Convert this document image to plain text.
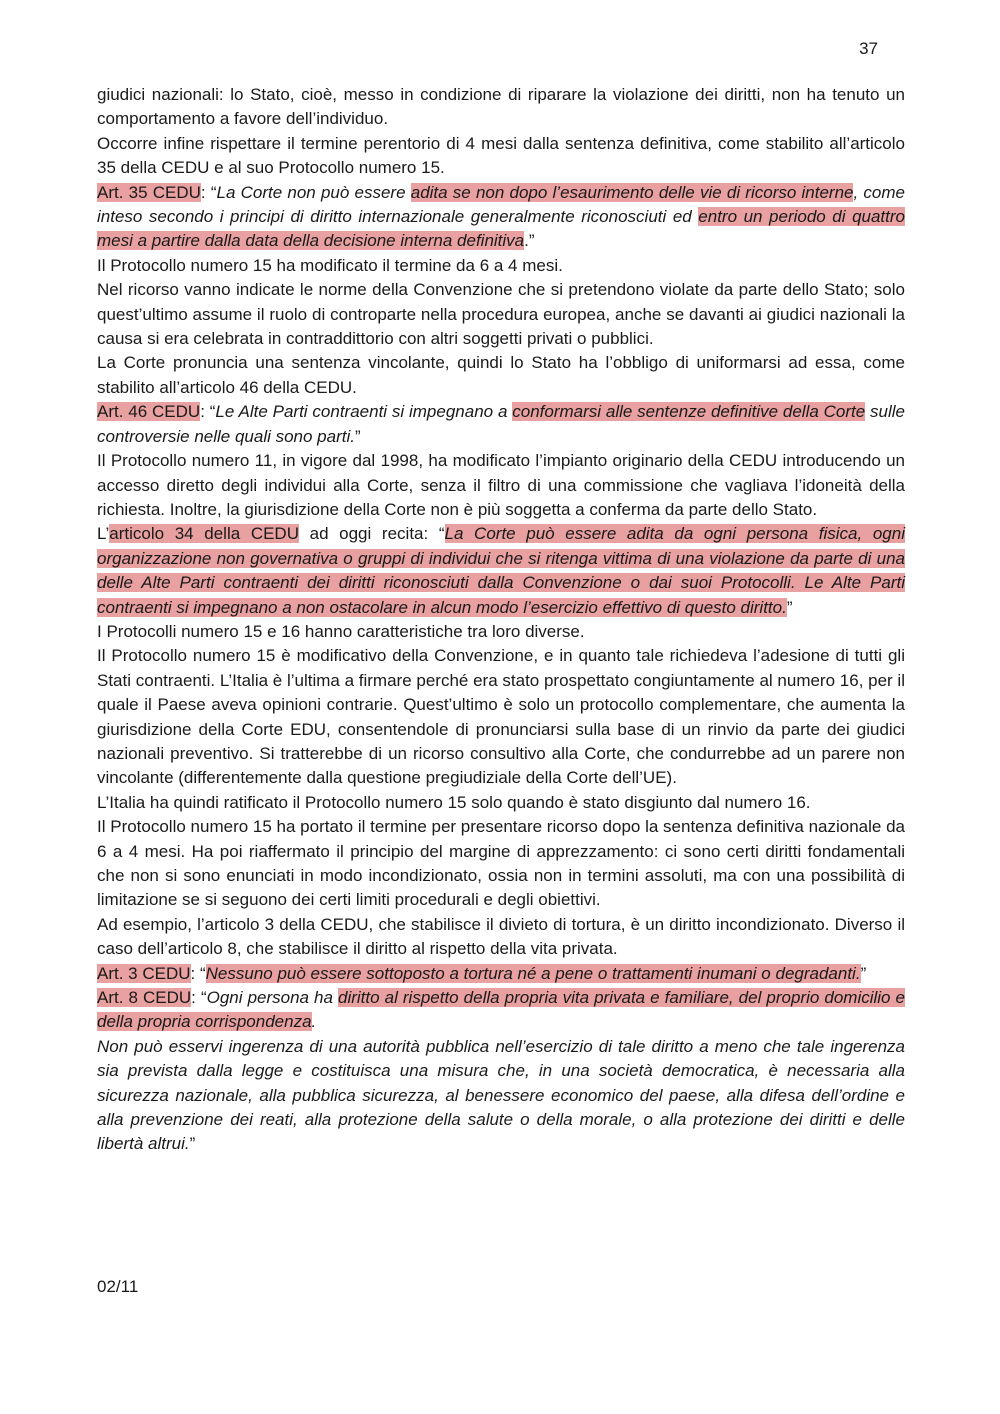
37

giudici nazionali: lo Stato, cioè, messo in condizione di riparare la violazione dei diritti, non ha tenuto un comportamento a favore dell’individuo.

Occorre infine rispettare il termine perentorio di 4 mesi dalla sentenza definitiva, come stabilito all’articolo 35 della CEDU e al suo Protocollo numero 15.

Art. 35 CEDU: “La Corte non può essere adita se non dopo l’esaurimento delle vie di ricorso interne, come inteso secondo i principi di diritto internazionale generalmente riconosciuti ed entro un periodo di quattro mesi a partire dalla data della decisione interna definitiva.”

Il Protocollo numero 15 ha modificato il termine da 6 a 4 mesi.

Nel ricorso vanno indicate le norme della Convenzione che si pretendono violate da parte dello Stato; solo quest’ultimo assume il ruolo di controparte nella procedura europea, anche se davanti ai giudici nazionali la causa si era celebrata in contraddittorio con altri soggetti privati o pubblici.

La Corte pronuncia una sentenza vincolante, quindi lo Stato ha l’obbligo di uniformarsi ad essa, come stabilito all’articolo 46 della CEDU.

Art. 46 CEDU: “Le Alte Parti contraenti si impegnano a conformarsi alle sentenze definitive della Corte sulle controversie nelle quali sono parti.”

Il Protocollo numero 11, in vigore dal 1998, ha modificato l’impianto originario della CEDU introducendo un accesso diretto degli individui alla Corte, senza il filtro di una commissione che vagliava l’idoneità della richiesta. Inoltre, la giurisdizione della Corte non è più soggetta a conferma da parte dello Stato.

L’articolo 34 della CEDU ad oggi recita: “La Corte può essere adita da ogni persona fisica, ogni organizzazione non governativa o gruppi di individui che si ritenga vittima di una violazione da parte di una delle Alte Parti contraenti dei diritti riconosciuti dalla Convenzione o dai suoi Protocolli. Le Alte Parti contraenti si impegnano a non ostacolare in alcun modo l’esercizio effettivo di questo diritto.”

I Protocolli numero 15 e 16 hanno caratteristiche tra loro diverse.

Il Protocollo numero 15 è modificativo della Convenzione, e in quanto tale richiedeva l’adesione di tutti gli Stati contraenti. L’Italia è l’ultima a firmare perché era stato prospettato congiuntamente al numero 16, per il quale il Paese aveva opinioni contrarie. Quest’ultimo è solo un protocollo complementare, che aumenta la giurisdizione della Corte EDU, consentendole di pronunciarsi sulla base di un rinvio da parte dei giudici nazionali preventivo. Si tratterebbe di un ricorso consultivo alla Corte, che condurrebbe ad un parere non vincolante (differentemente dalla questione pregiudiziale della Corte dell’UE).

L’Italia ha quindi ratificato il Protocollo numero 15 solo quando è stato disgiunto dal numero 16.

Il Protocollo numero 15 ha portato il termine per presentare ricorso dopo la sentenza definitiva nazionale da 6 a 4 mesi. Ha poi riaffermato il principio del margine di apprezzamento: ci sono certi diritti fondamentali che non si sono enunciati in modo incondizionato, ossia non in termini assoluti, ma con una possibilità di limitazione se si seguono dei certi limiti procedurali e degli obiettivi.

Ad esempio, l’articolo 3 della CEDU, che stabilisce il divieto di tortura, è un diritto incondizionato. Diverso il caso dell’articolo 8, che stabilisce il diritto al rispetto della vita privata.

Art. 3 CEDU: “Nessuno può essere sottoposto a tortura né a pene o trattamenti inumani o degradanti.”

Art. 8 CEDU: “Ogni persona ha diritto al rispetto della propria vita privata e familiare, del proprio domicilio e della propria corrispondenza.

Non può esservi ingerenza di una autorità pubblica nell’esercizio di tale diritto a meno che tale ingerenza sia prevista dalla legge e costituisca una misura che, in una società democratica, è necessaria alla sicurezza nazionale, alla pubblica sicurezza, al benessere economico del paese, alla difesa dell’ordine e alla prevenzione dei reati, alla protezione della salute o della morale, o alla protezione dei diritti e delle libertà altrui.”

02/11
